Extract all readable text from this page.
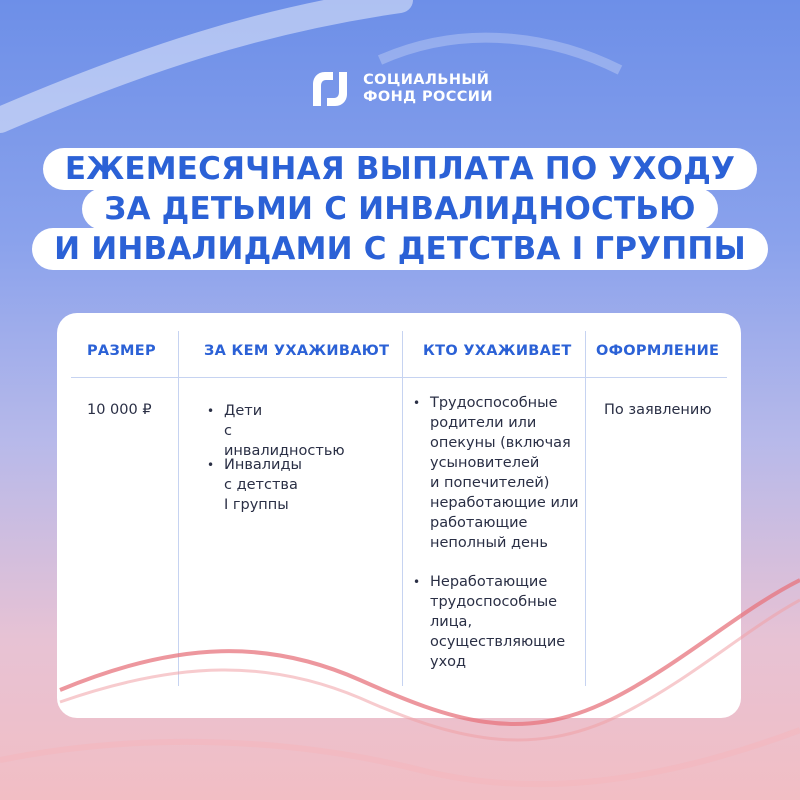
СОЦИАЛЬНЫЙ
ФОНД РОССИИ
ЕЖЕМЕСЯЧНАЯ ВЫПЛАТА ПО УХОДУ
ЗА ДЕТЬМИ С ИНВАЛИДНОСТЬЮ
И ИНВАЛИДАМИ С ДЕТСТВА I ГРУППЫ
РАЗМЕР	ЗА КЕМ УХАЖИВАЮТ КТО УХАЖИВАЕТ ОФОРМЛЕНИЕ
10 000 ₽
•	Дети
с инвалидностью
• Инвалиды
с детства I группы
• Трудоспособные
родители или
опекуны (включая
усыновителей
и попечителей)
неработающие или
работающие
неполный день
• Неработающие
трудоспособные
лица,
осуществляющие
уход
По заявлению
